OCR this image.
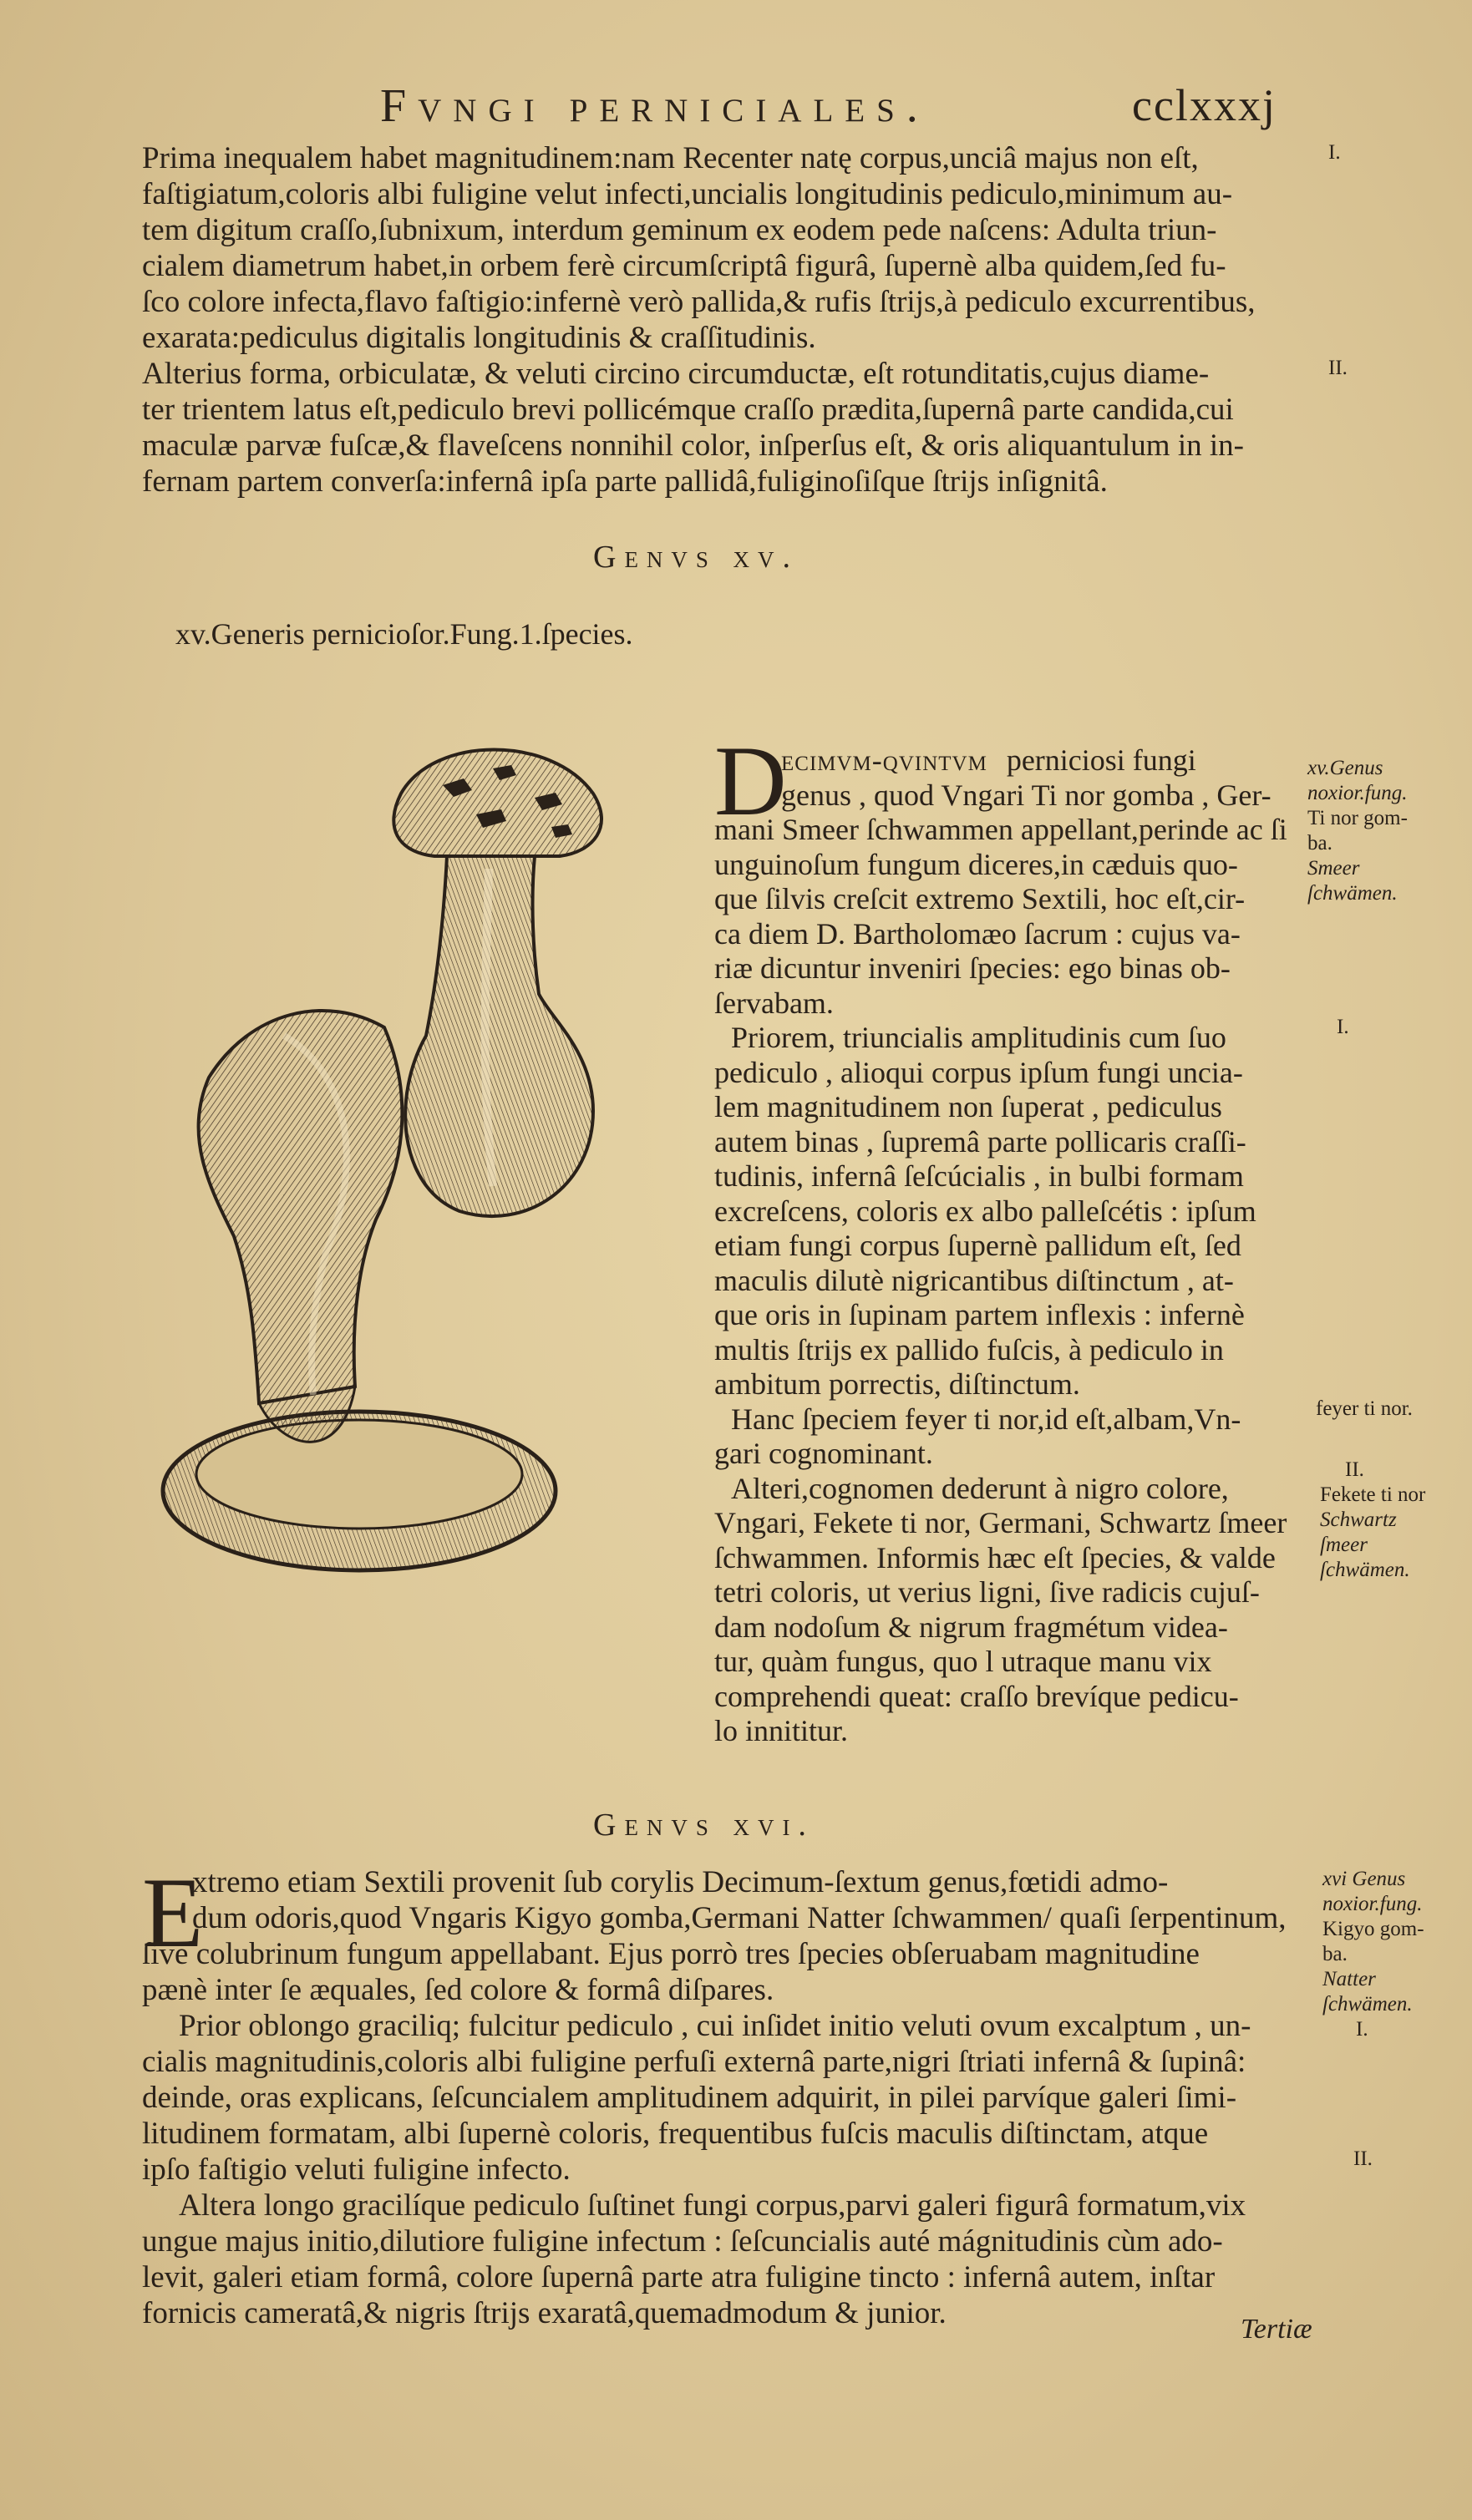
Fvngi perniciales.	cclxxxj
Prima inequalem habet magnitudinem:nam Recenter natę corpus,unciâ majus non eſt,
faſtigiatum,coloris albi fuligine velut infecti,uncialis longitudinis pediculo,minimum au-
tem digitum craſſo,ſubnixum, interdum geminum ex eodem pede naſcens: Adulta triun-
cialem diametrum habet,in orbem ferè circumſcriptâ figurâ, ſupernè alba quidem,ſed fu-
ſco colore infecta,flavo faſtigio:infernè verò pallida,& rufis ſtrijs,à pediculo excurrentibus,
exarata:pediculus digitalis longitudinis & craſſitudinis.
Alterius forma, orbiculatæ, & veluti circino circumductæ, eſt rotunditatis,cujus diame-
ter trientem latus eſt,pediculo brevi pollicémque craſſo prædita,ſupernâ parte candida,cui
maculæ parvæ fuſcæ,& flaveſcens nonnihil color, inſperſus eſt, & oris aliquantulum in in-
fernam partem converſa:infernâ ipſa parte pallidâ,fuliginoſiſque ſtrijs inſignitâ.
I.
II.
Genvs xv.
xv.Generis pernicioſor.Fung.1.ſpecies.
D
ecimvm-qvintvm perniciosi fungi
genus , quod Vngari Ti nor gomba , Ger-
mani Smeer ſchwammen appellant,perinde ac ſi
unguinoſum fungum diceres,in cæduis quo-
que ſilvis creſcit extremo Sextili, hoc eſt,cir-
ca diem D. Bartholomæo ſacrum : cujus va-
riæ dicuntur inveniri ſpecies: ego binas ob-
ſervabam.
Priorem, triuncialis amplitudinis cum ſuo
pediculo , alioqui corpus ipſum fungi uncia-
lem magnitudinem non ſuperat , pediculus
autem binas , ſupremâ parte pollicaris craſſi-
tudinis, infernâ ſeſcúcialis , in bulbi formam
excreſcens, coloris ex albo palleſcétis : ipſum
etiam fungi corpus ſupernè pallidum eſt, ſed
maculis dilutè nigricantibus diſtinctum , at-
que oris in ſupinam partem inflexis : infernè
multis ſtrijs ex pallido fuſcis, à pediculo in
ambitum porrectis, diſtinctum.
Hanc ſpeciem feyer ti nor,id eſt,albam,Vn-
gari cognominant.
Alteri,cognomen dederunt à nigro colore,
Vngari, Fekete ti nor, Germani, Schwartz ſmeer
ſchwammen. Informis hæc eſt ſpecies, & valde
tetri coloris, ut verius ligni, ſive radicis cujuſ-
dam nodoſum & nigrum fragmétum videa-
tur, quàm fungus, quo l utraque manu vix
comprehendi queat: craſſo brevíque pedicu-
lo innititur.
xv.Genus
noxior.fung.
Ti nor gom-
ba.
Smeer
ſchwämen.
I.
feyer ti nor.
II.
Fekete ti nor
Schwartz
ſmeer
ſchwämen.
Genvs xvi.
E
xtremo etiam Sextili provenit ſub corylis Decimum-ſextum genus,fœtidi admo-
dum odoris,quod Vngaris Kigyo gomba,Germani Natter ſchwammen/ quaſi ſerpentinum,
ſive colubrinum fungum appellabant. Ejus porrò tres ſpecies obſeruabam magnitudine
pænè inter ſe æquales, ſed colore & formâ diſpares.
Prior oblongo graciliq; fulcitur pediculo , cui inſidet initio veluti ovum excalptum , un-
cialis magnitudinis,coloris albi fuligine perfuſi externâ parte,nigri ſtriati infernâ & ſupinâ:
deinde, oras explicans, ſeſcuncialem amplitudinem adquirit, in pilei parvíque galeri ſimi-
litudinem formatam, albi ſupernè coloris, frequentibus fuſcis maculis diſtinctam, atque
ipſo faſtigio veluti fuligine infecto.
Altera longo gracilíque pediculo ſuſtinet fungi corpus,parvi galeri figurâ formatum,vix
ungue majus initio,dilutiore fuligine infectum : ſeſcuncialis auté mágnitudinis cùm ado-
levit, galeri etiam formâ, colore ſupernâ parte atra fuligine tincto : infernâ autem, inſtar
fornicis cameratâ,& nigris ſtrijs exaratâ,quemadmodum & junior.
xvi Genus
noxior.fung.
Kigyo gom-
ba.
Natter
ſchwämen.
I.
II.
Tertiæ
